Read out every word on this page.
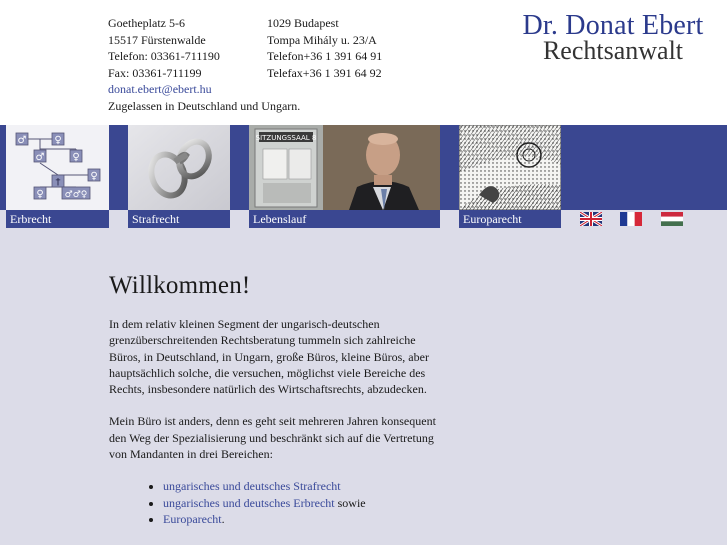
Goetheplatz 5-6
15517 Fürstenwalde
Telefon: 03361-711190
Fax: 03361-711199
donat.ebert@ebert.hu
Zugelassen in Deutschland und Ungarn.
1029 Budapest
Tompa Mihály u. 23/A
Telefon+36 1 391 64 91
Telefax+36 1 391 64 92
Dr. Donat Ebert
Rechtsanwalt
♂	♀
♂	♀
♀
†
♀ ♂♂♀
Erbrecht	Strafrecht
SITZUNGSSAAL 8
Lebenslauf	Europarecht
Willkommen!

In dem relativ kleinen Segment der ungarisch-deutschen grenzüberschreitenden Rechtsberatung tummeln sich zahlreiche Büros, in Deutschland, in Ungarn, große Büros, kleine Büros, aber hauptsächlich solche, die versuchen, möglichst viele Bereiche des Rechts, insbesondere natürlich des Wirtschaftsrechts, abzudecken.

Mein Büro ist anders, denn es geht seit mehreren Jahren konsequent den Weg der Spezialisierung und beschränkt sich auf die Vertretung von Mandanten in drei Bereichen:

• ungarisches und deutsches Strafrecht
• ungarisches und deutsches Erbrecht sowie
• Europarecht.
